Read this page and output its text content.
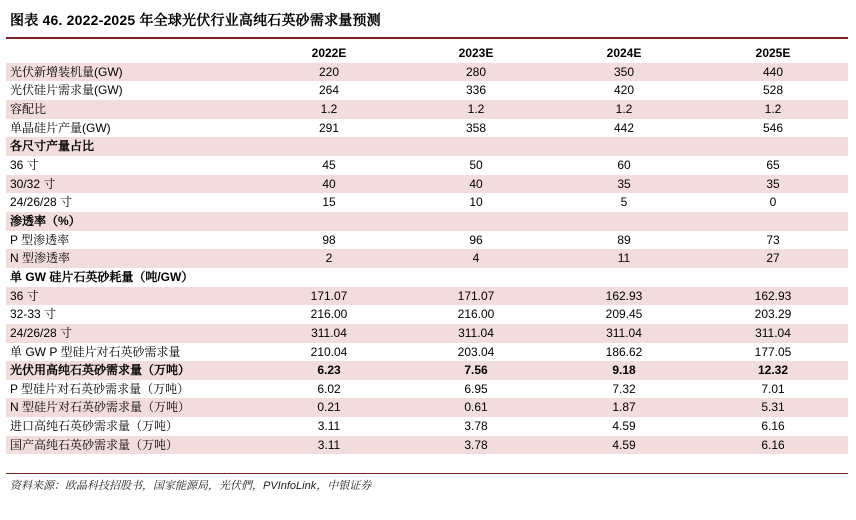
图表 46. 2022-2025 年全球光伏行业高纯石英砂需求量预测
	2022E	2023E	2024E	2025E
光伏新增装机量(GW)	220	280	350	440
光伏硅片需求量(GW)	264	336	420	528
容配比	1.2	1.2	1.2	1.2
单晶硅片产量(GW)	291	358	442	546
各尺寸产量占比				
36 寸	45	50	60	65
30/32 寸	40	40	35	35
24/26/28 寸	15	10	5	0
渗透率（%）				
P 型渗透率	98	96	89	73
N 型渗透率	2	4	11	27
单 GW 硅片石英砂耗量（吨/GW）				
36 寸	171.07	171.07	162.93	162.93
32-33 寸	216.00	216.00	209.45	203.29
24/26/28 寸	311.04	311.04	311.04	311.04
单 GW P 型硅片对石英砂需求量	210.04	203.04	186.62	177.05
光伏用高纯石英砂需求量（万吨）	6.23	7.56	9.18	12.32
P 型硅片对石英砂需求量（万吨）	6.02	6.95	7.32	7.01
N 型硅片对石英砂需求量（万吨）	0.21	0.61	1.87	5.31
进口高纯石英砂需求量（万吨）	3.11	3.78	4.59	6.16
国产高纯石英砂需求量（万吨）	3.11	3.78	4.59	6.16
资料来源：欧晶科技招股书，国家能源局，光伏們，PVInfoLink，中银证券
